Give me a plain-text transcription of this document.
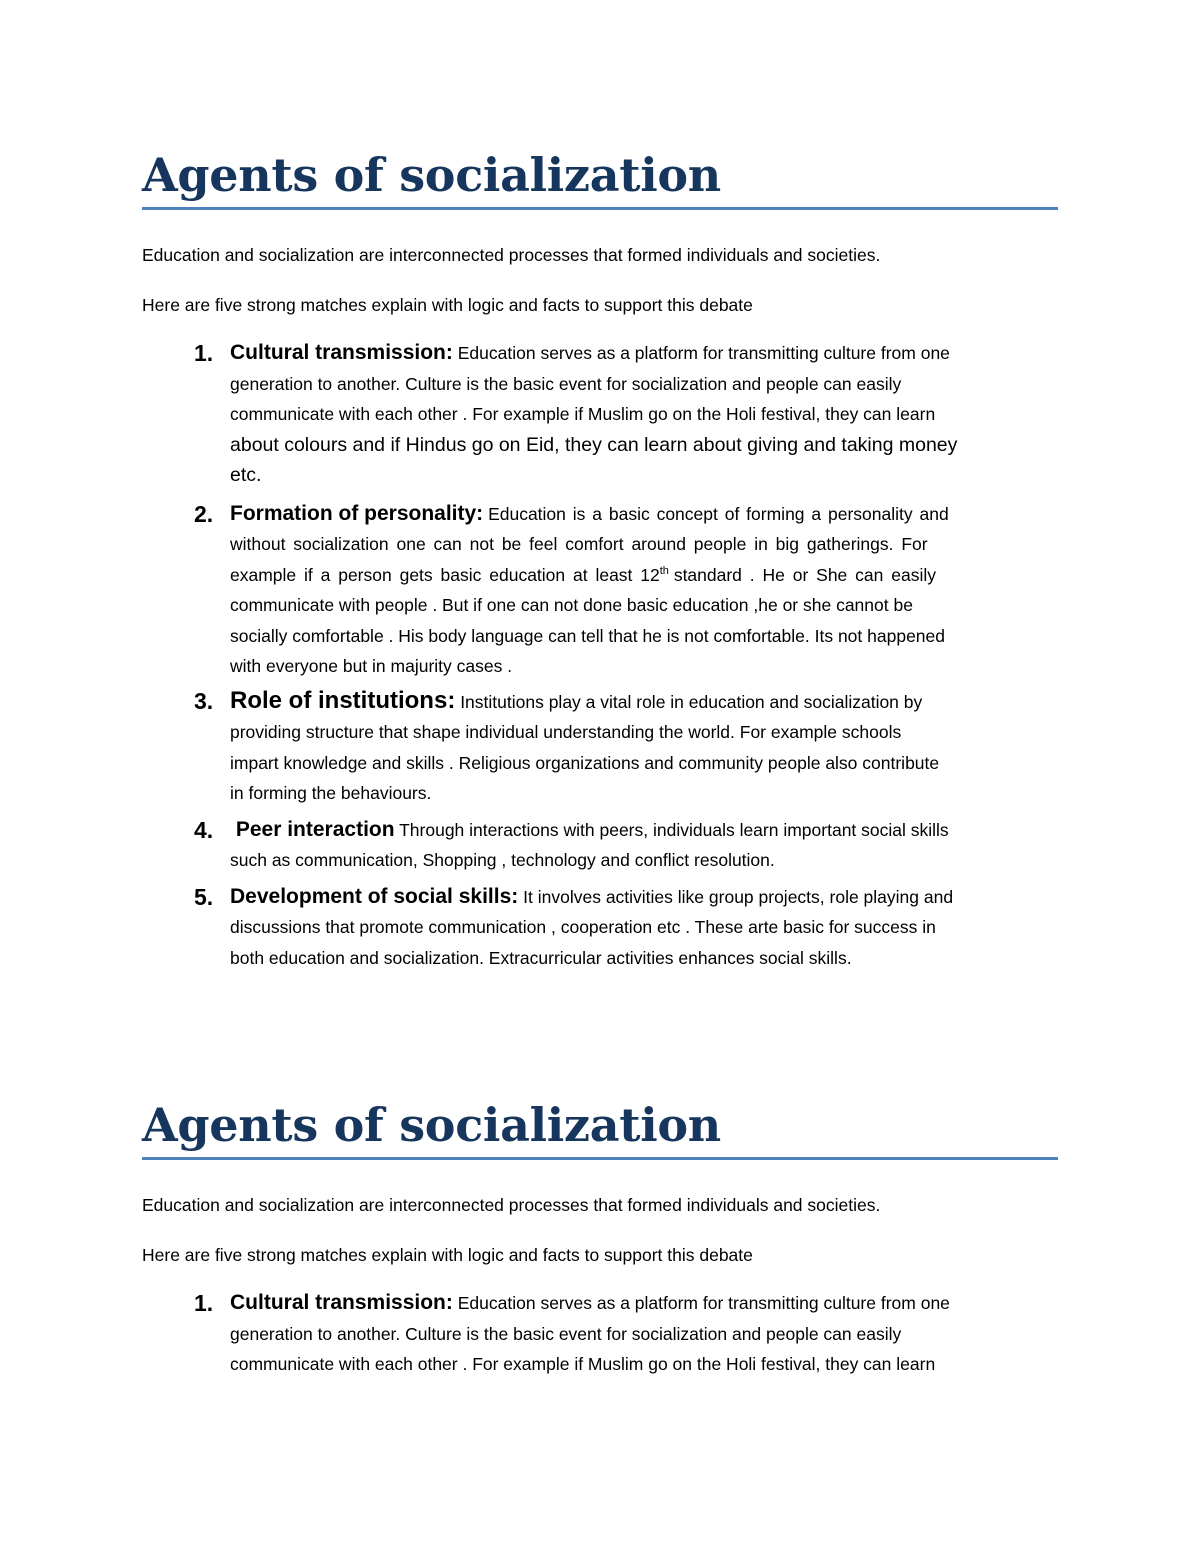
Agents of socialization

Education and socialization are interconnected processes that formed individuals and societies.

Here are five strong matches explain with logic and facts to support this debate

1. Cultural transmission: Education serves as a platform for transmitting culture from one
generation to another. Culture is the basic event for socialization and people can easily
communicate with each other . For example if Muslim go on the Holi festival, they can learn
about colours and if Hindus go on Eid, they can learn about giving and taking money
etc.
2. Formation of personality: Education is a basic concept of forming a personality and
without socialization one can not be feel comfort around people in big gatherings. For
example if a person gets basic education at least 12th standard . He or She can easily
communicate with people . But if one can not done basic education ,he or she cannot be
socially comfortable . His body language can tell that he is not comfortable. Its not happened
with everyone but in majurity cases .
3. Role of institutions: Institutions play a vital role in education and socialization by
providing structure that shape individual understanding the world. For example schools
impart knowledge and skills . Religious organizations and community people also contribute
in forming the behaviours.
4. Peer interaction Through interactions with peers, individuals learn important social skills
such as communication, Shopping , technology and conflict resolution.
5. Development of social skills: It involves activities like group projects, role playing and
discussions that promote communication , cooperation etc . These arte basic for success in
both education and socialization. Extracurricular activities enhances social skills.
Agents of socialization

Education and socialization are interconnected processes that formed individuals and societies.

Here are five strong matches explain with logic and facts to support this debate

1. Cultural transmission: Education serves as a platform for transmitting culture from one
generation to another. Culture is the basic event for socialization and people can easily
communicate with each other . For example if Muslim go on the Holi festival, they can learn
